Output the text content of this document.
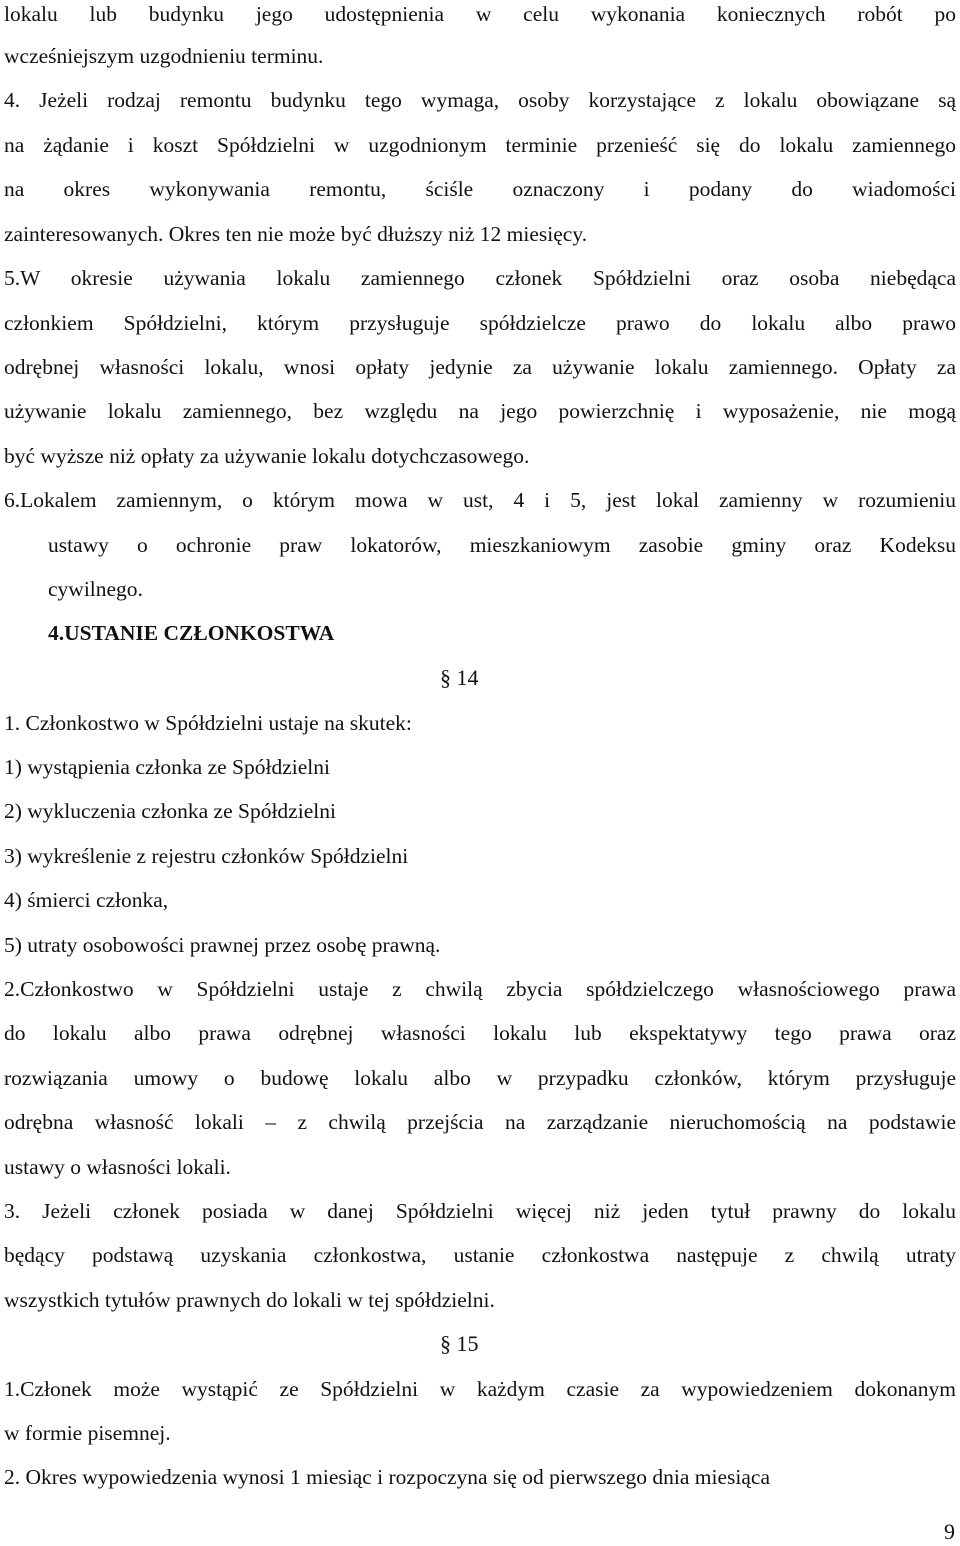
lokalu lub budynku jego udostępnienia w celu wykonania koniecznych robót po
wcześniejszym uzgodnieniu terminu.
4. Jeżeli rodzaj remontu budynku tego wymaga, osoby korzystające z lokalu obowiązane są
na żądanie i koszt Spółdzielni w uzgodnionym terminie przenieść się do lokalu zamiennego
na okres wykonywania remontu, ściśle oznaczony i podany do wiadomości
zainteresowanych. Okres ten nie może być dłuższy niż 12 miesięcy.
5.W okresie używania lokalu zamiennego członek Spółdzielni oraz osoba niebędąca
członkiem Spółdzielni, którym przysługuje spółdzielcze prawo do lokalu albo prawo
odrębnej własności lokalu, wnosi opłaty jedynie za używanie lokalu zamiennego. Opłaty za
używanie lokalu zamiennego, bez względu na jego powierzchnię i wyposażenie, nie mogą
być wyższe niż opłaty za używanie lokalu dotychczasowego.
6.Lokalem zamiennym, o którym mowa w ust, 4 i 5, jest lokal zamienny w rozumieniu
ustawy o ochronie praw lokatorów, mieszkaniowym zasobie gminy oraz Kodeksu
cywilnego.
4.USTANIE CZŁONKOSTWA
§ 14
1. Członkostwo w Spółdzielni ustaje na skutek:
1) wystąpienia członka ze Spółdzielni
2) wykluczenia członka ze Spółdzielni
3) wykreślenie z rejestru członków Spółdzielni
4) śmierci członka,
5) utraty osobowości prawnej przez osobę prawną.
2.Członkostwo w Spółdzielni ustaje z chwilą zbycia spółdzielczego własnościowego prawa
do lokalu albo prawa odrębnej własności lokalu lub ekspektatywy tego prawa oraz
rozwiązania umowy o budowę lokalu albo w przypadku członków, którym przysługuje
odrębna własność lokali – z chwilą przejścia na zarządzanie nieruchomością na podstawie
ustawy o własności lokali.
3. Jeżeli członek posiada w danej Spółdzielni więcej niż jeden tytuł prawny do lokalu
będący podstawą uzyskania członkostwa, ustanie członkostwa następuje z chwilą utraty
wszystkich tytułów prawnych do lokali w tej spółdzielni.
§ 15
1.Członek może wystąpić ze Spółdzielni w każdym czasie za wypowiedzeniem dokonanym
w formie pisemnej.
2. Okres wypowiedzenia wynosi 1 miesiąc i rozpoczyna się od pierwszego dnia miesiąca
9
